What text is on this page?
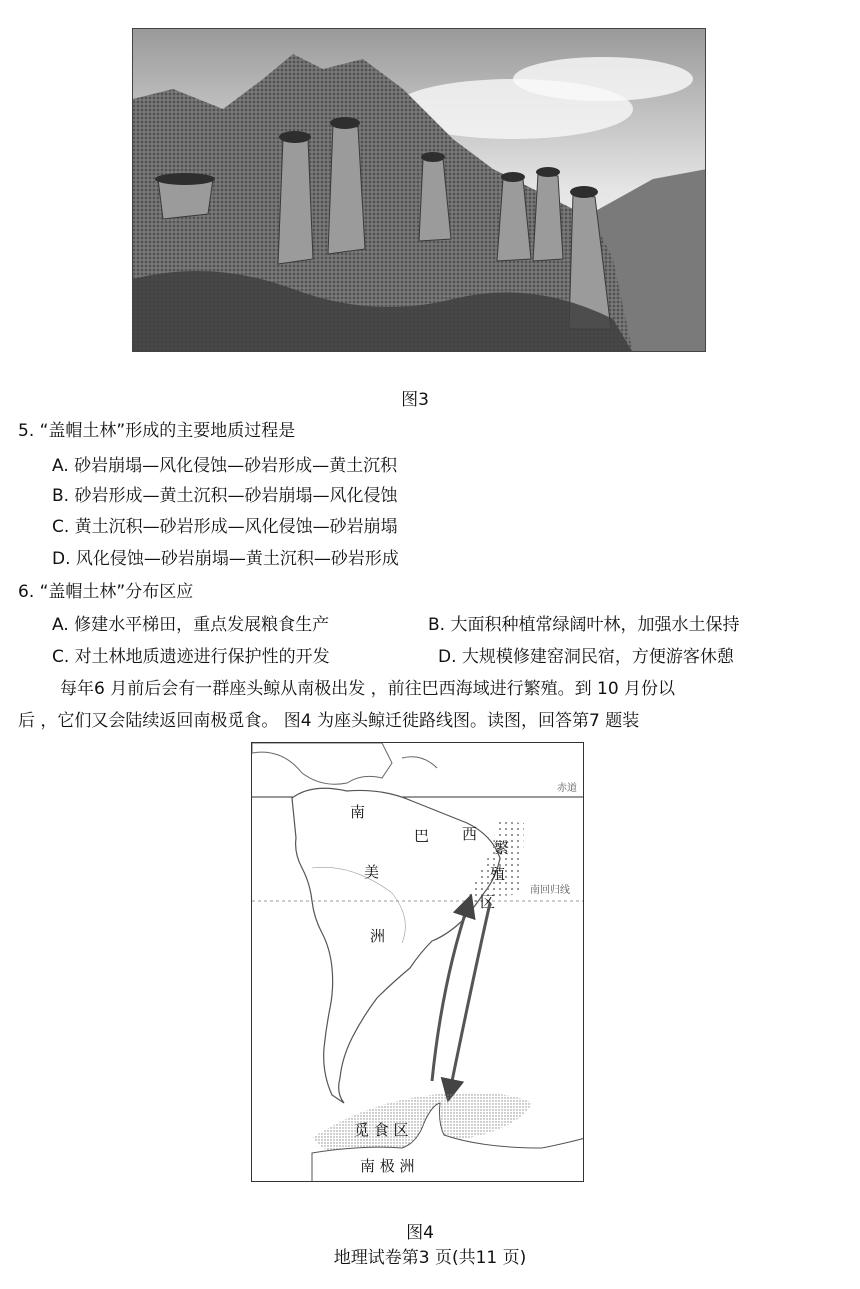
图3
5. “盖帽土林”形成的主要地质过程是
A. 砂岩崩塌—风化侵蚀—砂岩形成—黄土沉积
B. 砂岩形成—黄土沉积—砂岩崩塌—风化侵蚀
C. 黄土沉积—砂岩形成—风化侵蚀—砂岩崩塌
D. 风化侵蚀—砂岩崩塌—黄土沉积—砂岩形成
6. “盖帽土林”分布区应
A. 修建水平梯田，重点发展粮食生产	B. 大面积种植常绿阔叶林，加强水土保持
C. 对土林地质遗迹进行保护性的开发	D. 大规模修建窑洞民宿，方便游客休憩
每年6 月前后会有一群座头鲸从南极出发 ，前往巴西海域进行繁殖。到 10 月份以
后 ，它们又会陆续返回南极觅食。 图4 为座头鲸迁徙路线图。读图，回答第7 题装
赤道
南回归线
繁
殖
区
南
美
洲
巴 西
觅 食 区
南 极 洲
图4
地理试卷第3 页(共11 页)
